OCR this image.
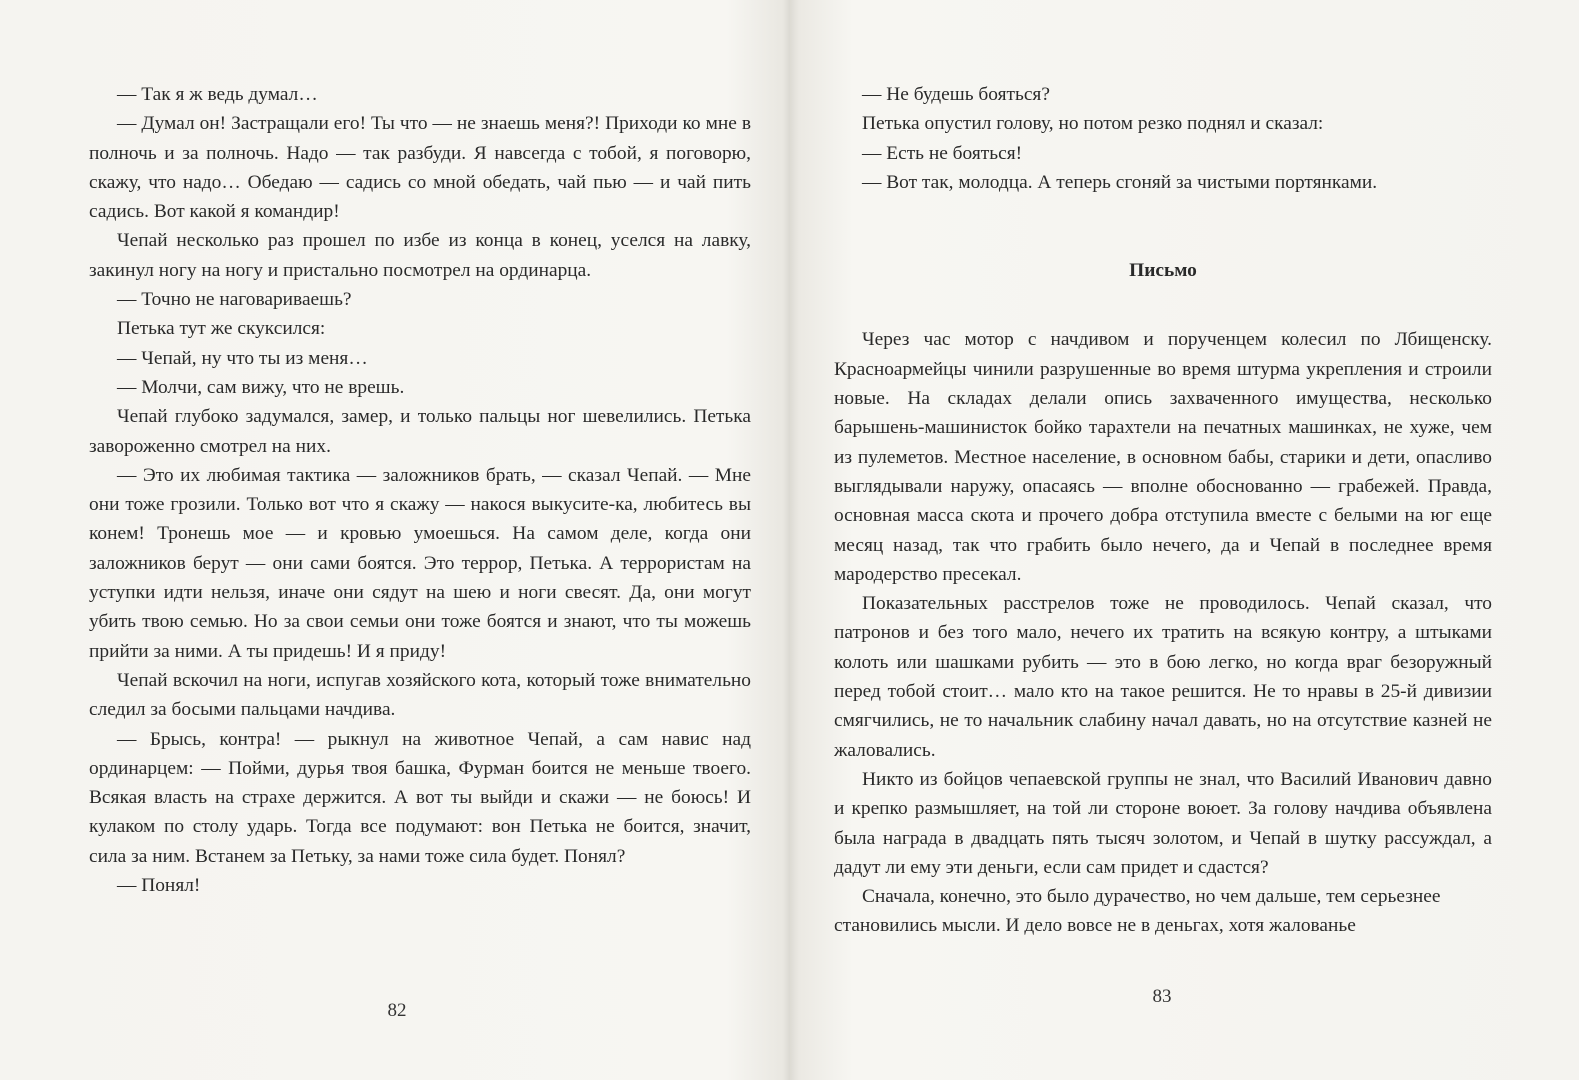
— Так я ж ведь думал…

— Думал он! Застращали его! Ты что — не знаешь меня?! Приходи ко мне в полночь и за полночь. Надо — так разбуди. Я навсегда с тобой, я поговорю, скажу, что надо… Обедаю — садись со мной обедать, чай пью — и чай пить садись. Вот какой я командир!

Чепай несколько раз прошел по избе из конца в конец, уселся на лавку, закинул ногу на ногу и пристально посмотрел на ординарца.

— Точно не наговариваешь?

Петька тут же скуксился:

— Чепай, ну что ты из меня…

— Молчи, сам вижу, что не врешь.

Чепай глубоко задумался, замер, и только пальцы ног шевелились. Петька завороженно смотрел на них.

— Это их любимая тактика — заложников брать, — сказал Чепай. — Мне они тоже грозили. Только вот что я скажу — накося выкусите-ка, любитесь вы конем! Тронешь мое — и кровью умоешься. На самом деле, когда они заложников берут — они сами боятся. Это террор, Петька. А террористам на уступки идти нельзя, иначе они сядут на шею и ноги свесят. Да, они могут убить твою семью. Но за свои семьи они тоже боятся и знают, что ты можешь прийти за ними. А ты придешь! И я приду!

Чепай вскочил на ноги, испугав хозяйского кота, который тоже внимательно следил за босыми пальцами начдива.

— Брысь, контра! — рыкнул на животное Чепай, а сам навис над ординарцем: — Пойми, дурья твоя башка, Фурман боится не меньше твоего. Всякая власть на страхе держится. А вот ты выйди и скажи — не боюсь! И кулаком по столу ударь. Тогда все подумают: вон Петька не боится, значит, сила за ним. Встанем за Петьку, за нами тоже сила будет. Понял?

— Понял!

82

— Не будешь бояться?

Петька опустил голову, но потом резко поднял и сказал:

— Есть не бояться!

— Вот так, молодца. А теперь сгоняй за чистыми портянками.

Письмо

Через час мотор с начдивом и порученцем колесил по Лбищенску. Красноармейцы чинили разрушенные во время штурма укрепления и строили новые. На складах делали опись захваченного имущества, несколько барышень-машинисток бойко тарахтели на печатных машинках, не хуже, чем из пулеметов. Местное население, в основном бабы, старики и дети, опасливо выглядывали наружу, опасаясь — вполне обоснованно — грабежей. Правда, основная масса скота и прочего добра отступила вместе с белыми на юг еще месяц назад, так что грабить было нечего, да и Чепай в последнее время мародерство пресекал.

Показательных расстрелов тоже не проводилось. Чепай сказал, что патронов и без того мало, нечего их тратить на всякую контру, а штыками колоть или шашками рубить — это в бою легко, но когда враг безоружный перед тобой стоит… мало кто на такое решится. Не то нравы в 25-й дивизии смягчились, не то начальник слабину начал давать, но на отсутствие казней не жаловались.

Никто из бойцов чепаевской группы не знал, что Василий Иванович давно и крепко размышляет, на той ли стороне воюет. За голову начдива объявлена была награда в двадцать пять тысяч золотом, и Чепай в шутку рассуждал, а дадут ли ему эти деньги, если сам придет и сдастся?

Сначала, конечно, это было дурачество, но чем дальше, тем серьезнее становились мысли. И дело вовсе не в деньгах, хотя жалованье

83
